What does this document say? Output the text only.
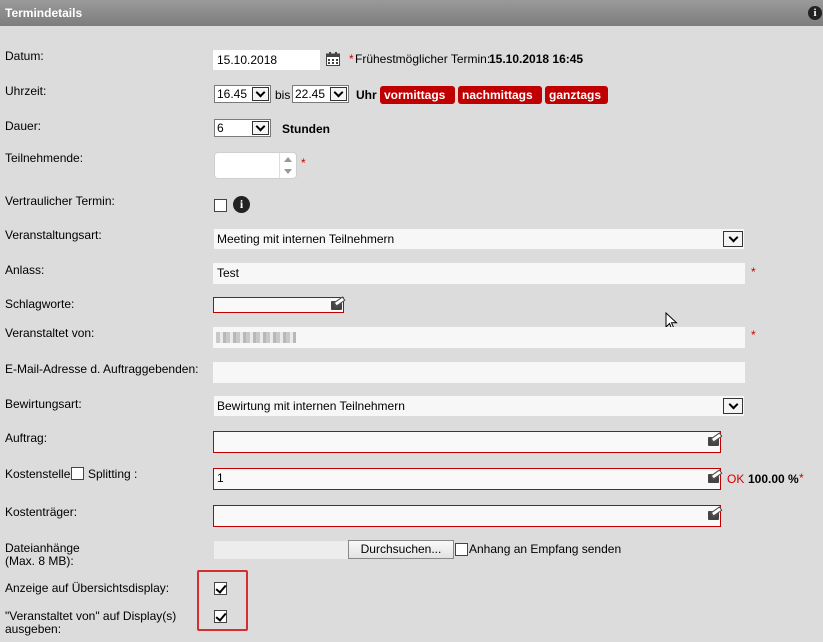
Termindetails	i
Datum:	15.10.2018	* Frühestmöglicher Termin:
15.10.2018 16:45
Uhrzeit:	16.45	bis 22.45	Uhr vormittags	nachmittags	ganztags
Dauer:	6	Stunden
Teilnehmende:	*
Vertraulicher Termin:	i
Veranstaltungsart:	Meeting mit internen Teilnehmern
Anlass:	Test	*
Schlagworte:
Veranstaltet von:	*
E-Mail-Adresse d. Auftraggebenden:
Bewirtungsart:	Bewirtung mit internen Teilnehmern
Auftrag:
Kostenstelle Splitting :	1	OK 100.00 % *
Kostenträger:
Dateianhänge
(Max. 8 MB):
Durchsuchen...	Anhang an Empfang senden
Anzeige auf Übersichtsdisplay:
"Veranstaltet von" auf Display(s)
ausgeben:
